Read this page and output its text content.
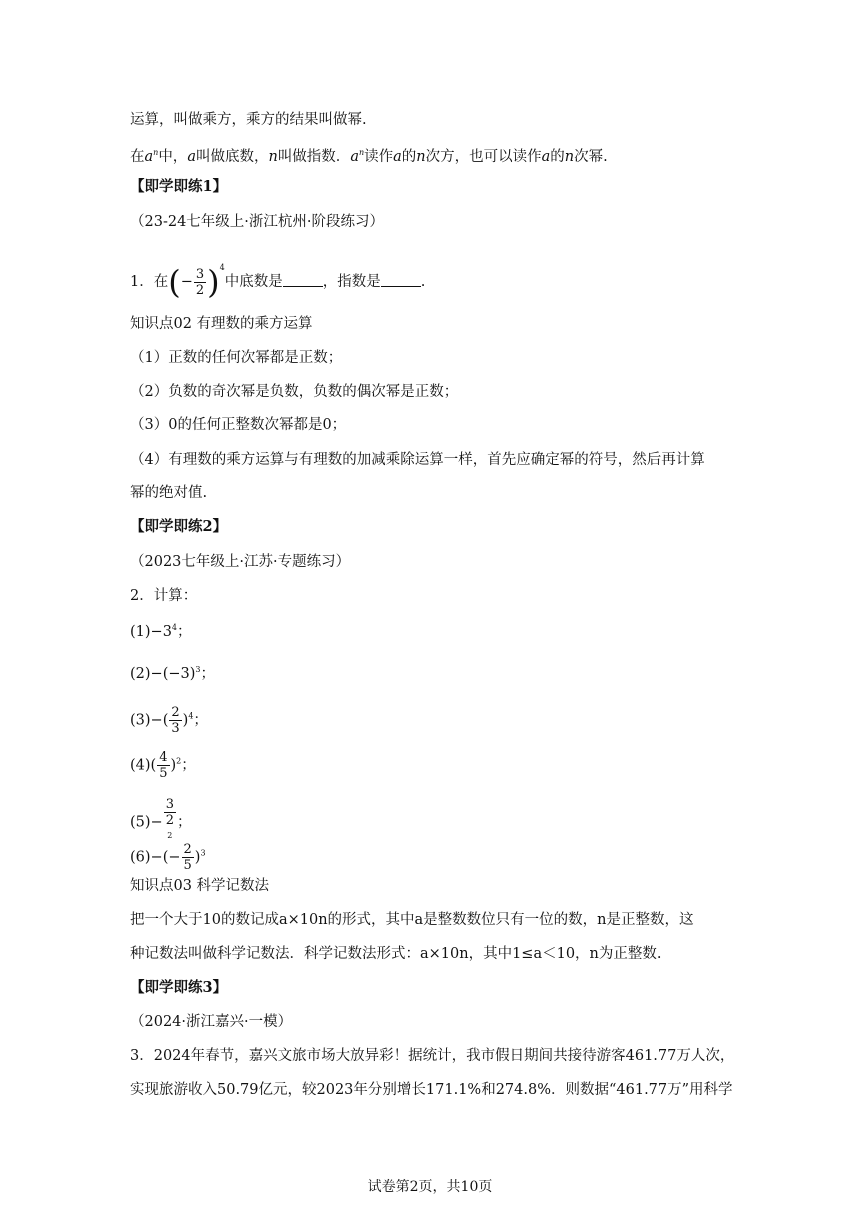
运算，叫做乘方，乘方的结果叫做幂.
在$a^n$中，a叫做底数，n叫做指数．$a^n$读作a的n次方，也可以读作a的n次幂.
【即学即练1】
（23-24七年级上·浙江杭州·阶段练习）
1．在(− $\frac{3}{2} )^4$中底数是	，指数是	.
知识点02 有理数的乘方运算
（1）正数的任何次幂都是正数；
（2）负数的奇次幂是负数，负数的偶次幂是正数；
（3）0的任何正整数次幂都是0；
（4）有理数的乘方运算与有理数的加减乘除运算一样，首先应确定幂的符号，然后再计算
幂的绝对值.
【即学即练2】
（2023七年级上·江苏·专题练习）
2．计算：
$(1)-3^4$；
$(2)-(-3)^3$；
$(3)-( \frac{2}{3} )^4$；
$(4)( \frac{4}{5} )^2$；
(5)− 3
2
$^2$ ；
$(6)-(- \frac{2}{5} )^3$
知识点03 科学记数法
把一个大于10的数记成a×10n的形式，其中a是整数数位只有一位的数，n是正整数，这
种记数法叫做科学记数法．科学记数法形式：a×10n，其中1≤a＜10，n为正整数.
【即学即练3】
（2024·浙江嘉兴·一模）
3．2024年春节，嘉兴文旅市场大放异彩！据统计，我市假日期间共接待游客461.77万人次，
实现旅游收入50.79亿元，较2023年分别增长171.1%和274.8%．则数据“461.77万”用科学
试卷第2页，共10页
